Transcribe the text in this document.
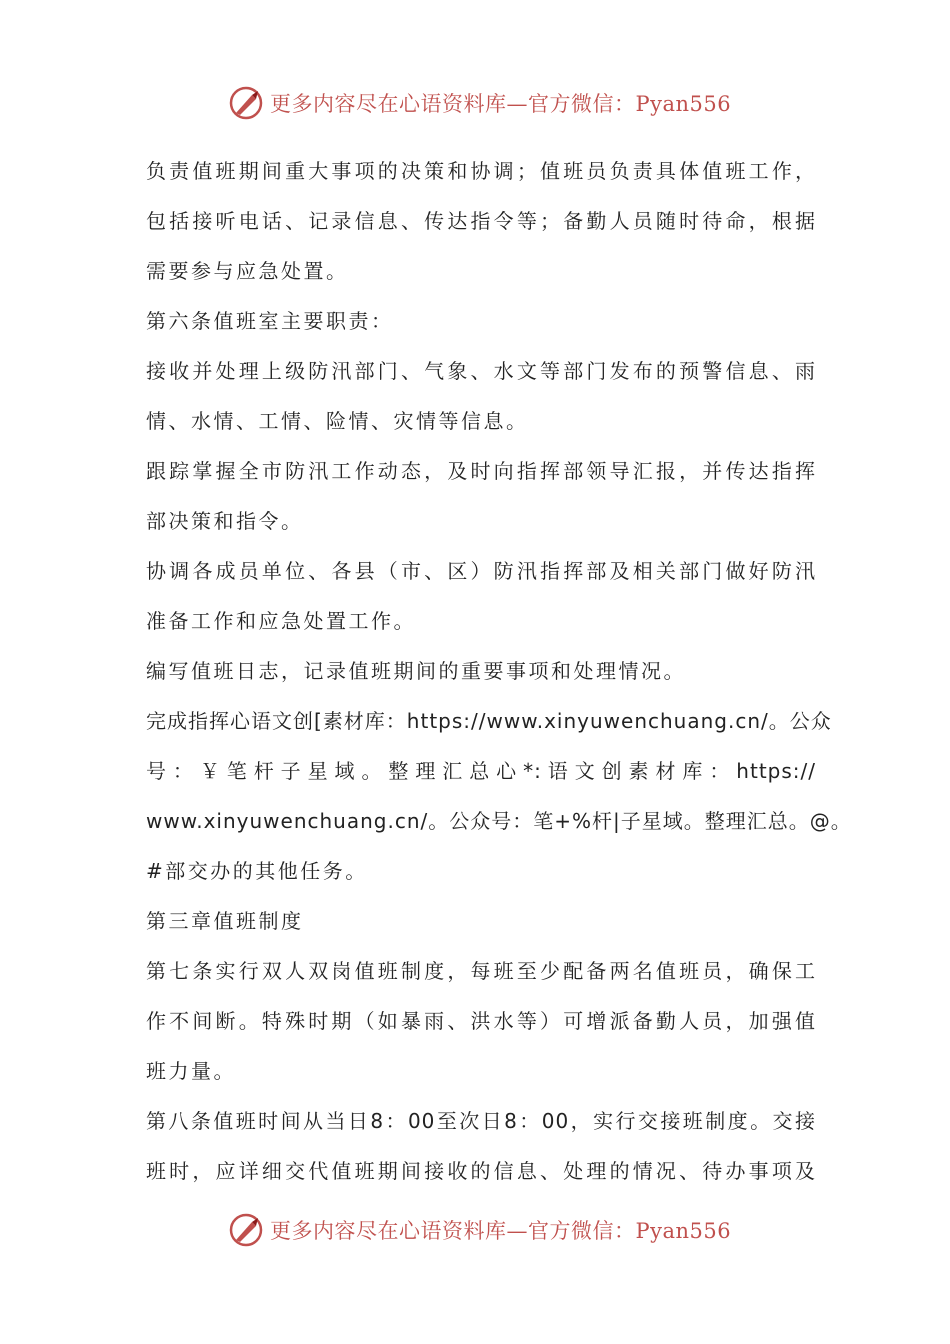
更多内容尽在心语资料库—官方微信：Pyan556
负责值班期间重大事项的决策和协调；值班员负责具体值班工作，
包括接听电话、记录信息、传达指令等；备勤人员随时待命，根据
需要参与应急处置。
第六条值班室主要职责：
接收并处理上级防汛部门、气象、水文等部门发布的预警信息、雨
情、水情、工情、险情、灾情等信息。
跟踪掌握全市防汛工作动态，及时向指挥部领导汇报，并传达指挥
部决策和指令。
协调各成员单位、各县（市、区）防汛指挥部及相关部门做好防汛
准备工作和应急处置工作。
编写值班日志，记录值班期间的重要事项和处理情况。
完成指挥心语文创[素材库：https://www.xinyuwenchuang.cn/。公众
号：￥笔杆子星域。整理汇总心*:语文创素材库：https://
www.xinyuwenchuang.cn/。公众号：笔+%杆|子星域。整理汇总。@。
#部交办的其他任务。
第三章值班制度
第七条实行双人双岗值班制度，每班至少配备两名值班员，确保工
作不间断。特殊时期（如暴雨、洪水等）可增派备勤人员，加强值
班力量。
第八条值班时间从当日8：00至次日8：00，实行交接班制度。交接
班时，应详细交代值班期间接收的信息、处理的情况、待办事项及
更多内容尽在心语资料库—官方微信：Pyan556
